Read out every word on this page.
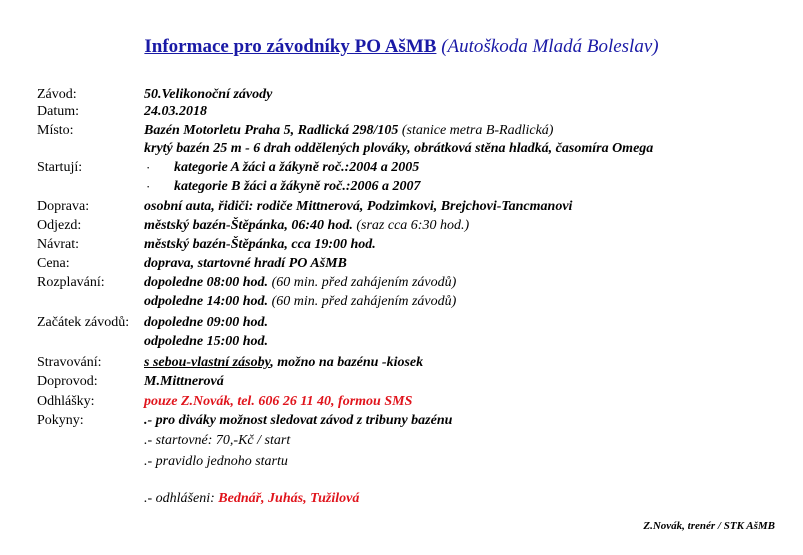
Informace pro závodníky PO AšMB (Autoškoda Mladá Boleslav)
Závod:	50.Velikonoční závody
Datum:	24.03.2018
Místo:	Bazén Motorletu Praha 5, Radlická 298/105 (stanice metra B-Radlická)
krytý bazén 25 m - 6 drah oddělených plováky, obrátková stěna hladká, časomíra Omega
Startují:	· kategorie A žáci a žákyně roč.:2004 a 2005
· kategorie B žáci a žákyně roč.:2006 a 2007
Doprava:	osobní auta, řidiči: rodiče Mittnerová, Podzimkovi, Brejchovi-Tancmanovi
Odjezd:	městský bazén-Štěpánka, 06:40 hod. (sraz cca 6:30 hod.)
Návrat:	městský bazén-Štěpánka, cca 19:00 hod.
Cena:	doprava, startovné hradí PO AšMB
Rozplavání:	dopoledne 08:00 hod. (60 min. před zahájením závodů)
odpoledne 14:00 hod. (60 min. před zahájením závodů)
Začátek závodů: dopoledne 09:00 hod.
odpoledne 15:00 hod.
Stravování:	s sebou-vlastní zásoby, možno na bazénu -kiosek
Doprovod:	M.Mittnerová
Odhlášky:	pouze Z.Novák, tel. 606 26 11 40, formou SMS
Pokyny:	.- pro diváky možnost sledovat závod z tribuny bazénu
.- startovné: 70,-Kč / start
.- pravidlo jednoho startu
.- odhlášeni: Bednář, Juhás, Tužilová
Z.Novák, trenér / STK AšMB
